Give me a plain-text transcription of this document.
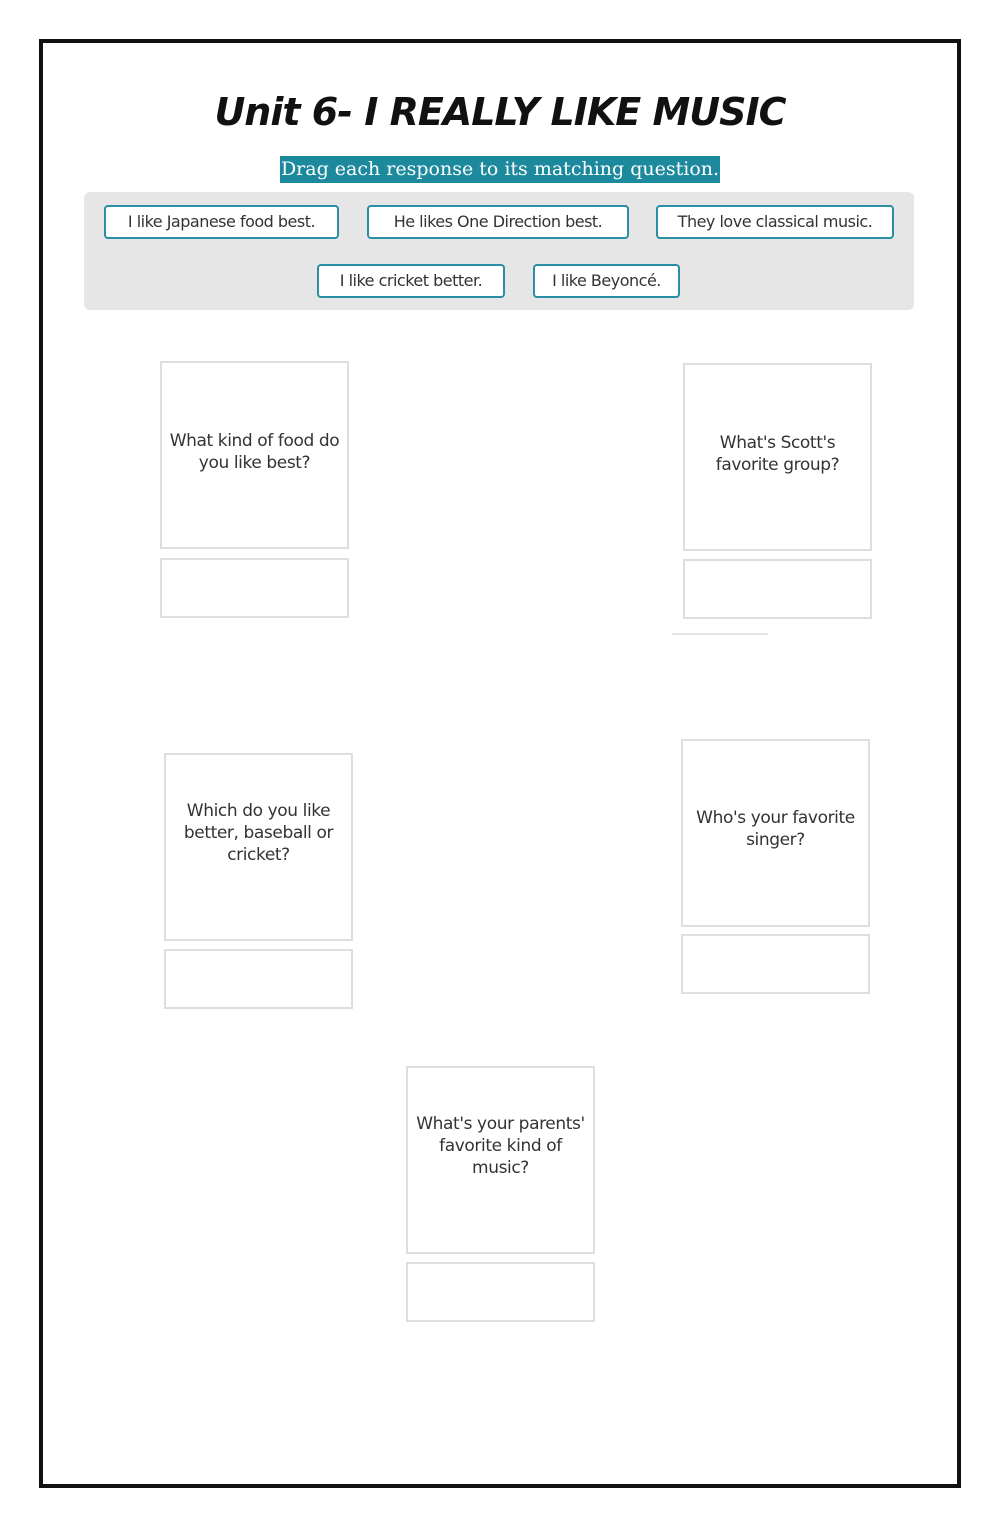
Unit 6- I REALLY LIKE MUSIC
Drag each response to its matching question.
I like Japanese food best.	He likes One Direction best.	They love classical music.
I like cricket better.	I like Beyoncé.
What kind of food do you like best?
What's Scott's favorite group?
Which do you like better, baseball or cricket?
Who's your favorite singer?
What's your parents' favorite kind of music?
